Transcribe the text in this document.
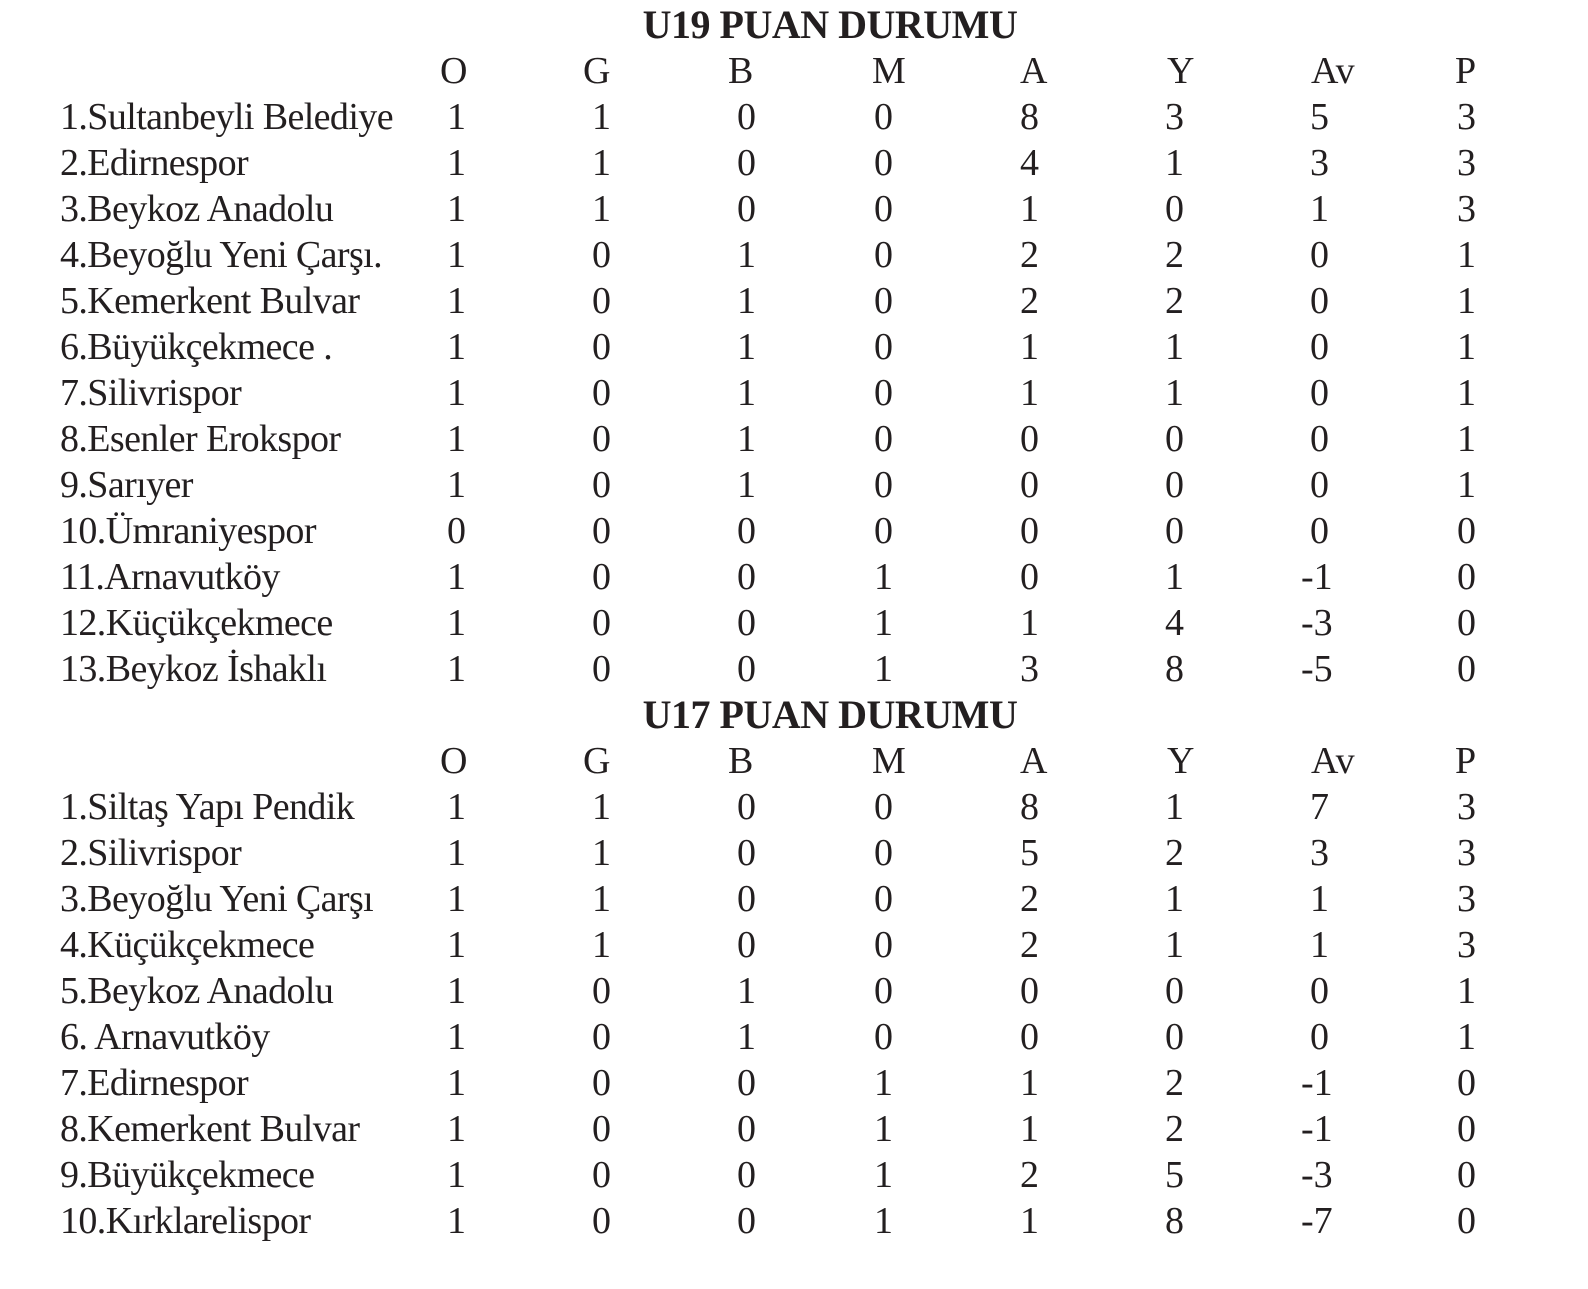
U19 PUAN DURUMU
O	G	B	M	A	Y	Av	P
1.Sultanbeyli Belediye 1	1	0	0	8	3	5	3
2.Edirnespor	1	1	0	0	4	1	3	3
3.Beykoz Anadolu	1	1	0	0	1	0	1	3
4.Beyoğlu Yeni Çarşı. 1	0	1	0	2	2	0	1
5.Kemerkent Bulvar 1	0	1	0	2	2	0	1
6.Büyükçekmece .	1	0	1	0	1	1	0	1
7.Silivrispor	1	0	1	0	1	1	0	1
8.Esenler Erokspor	1	0	1	0	0	0	0	1
9.Sarıyer	1	0	1	0	0	0	0	1
10.Ümraniyespor	0	0	0	0	0	0	0	0
11.Arnavutköy	1	0	0	1	0	1	-1	0
12.Küçükçekmece	1	0	0	1	1	4	-3	0
13.Beykoz İshaklı	1	0	0	1	3	8	-5	0
U17 PUAN DURUMU
O	G	B	M	A	Y	Av	P
1.Siltaş Yapı Pendik 1	1	0	0	8	1	7	3
2.Silivrispor	1	1	0	0	5	2	3	3
3.Beyoğlu Yeni Çarşı 1	1	0	0	2	1	1	3
4.Küçükçekmece	1	1	0	0	2	1	1	3
5.Beykoz Anadolu	1	0	1	0	0	0	0	1
6. Arnavutköy	1	0	1	0	0	0	0	1
7.Edirnespor	1	0	0	1	1	2	-1	0
8.Kemerkent Bulvar 1	0	0	1	1	2	-1	0
9.Büyükçekmece	1	0	0	1	2	5	-3	0
10.Kırklarelispor	1	0	0	1	1	8	-7	0
